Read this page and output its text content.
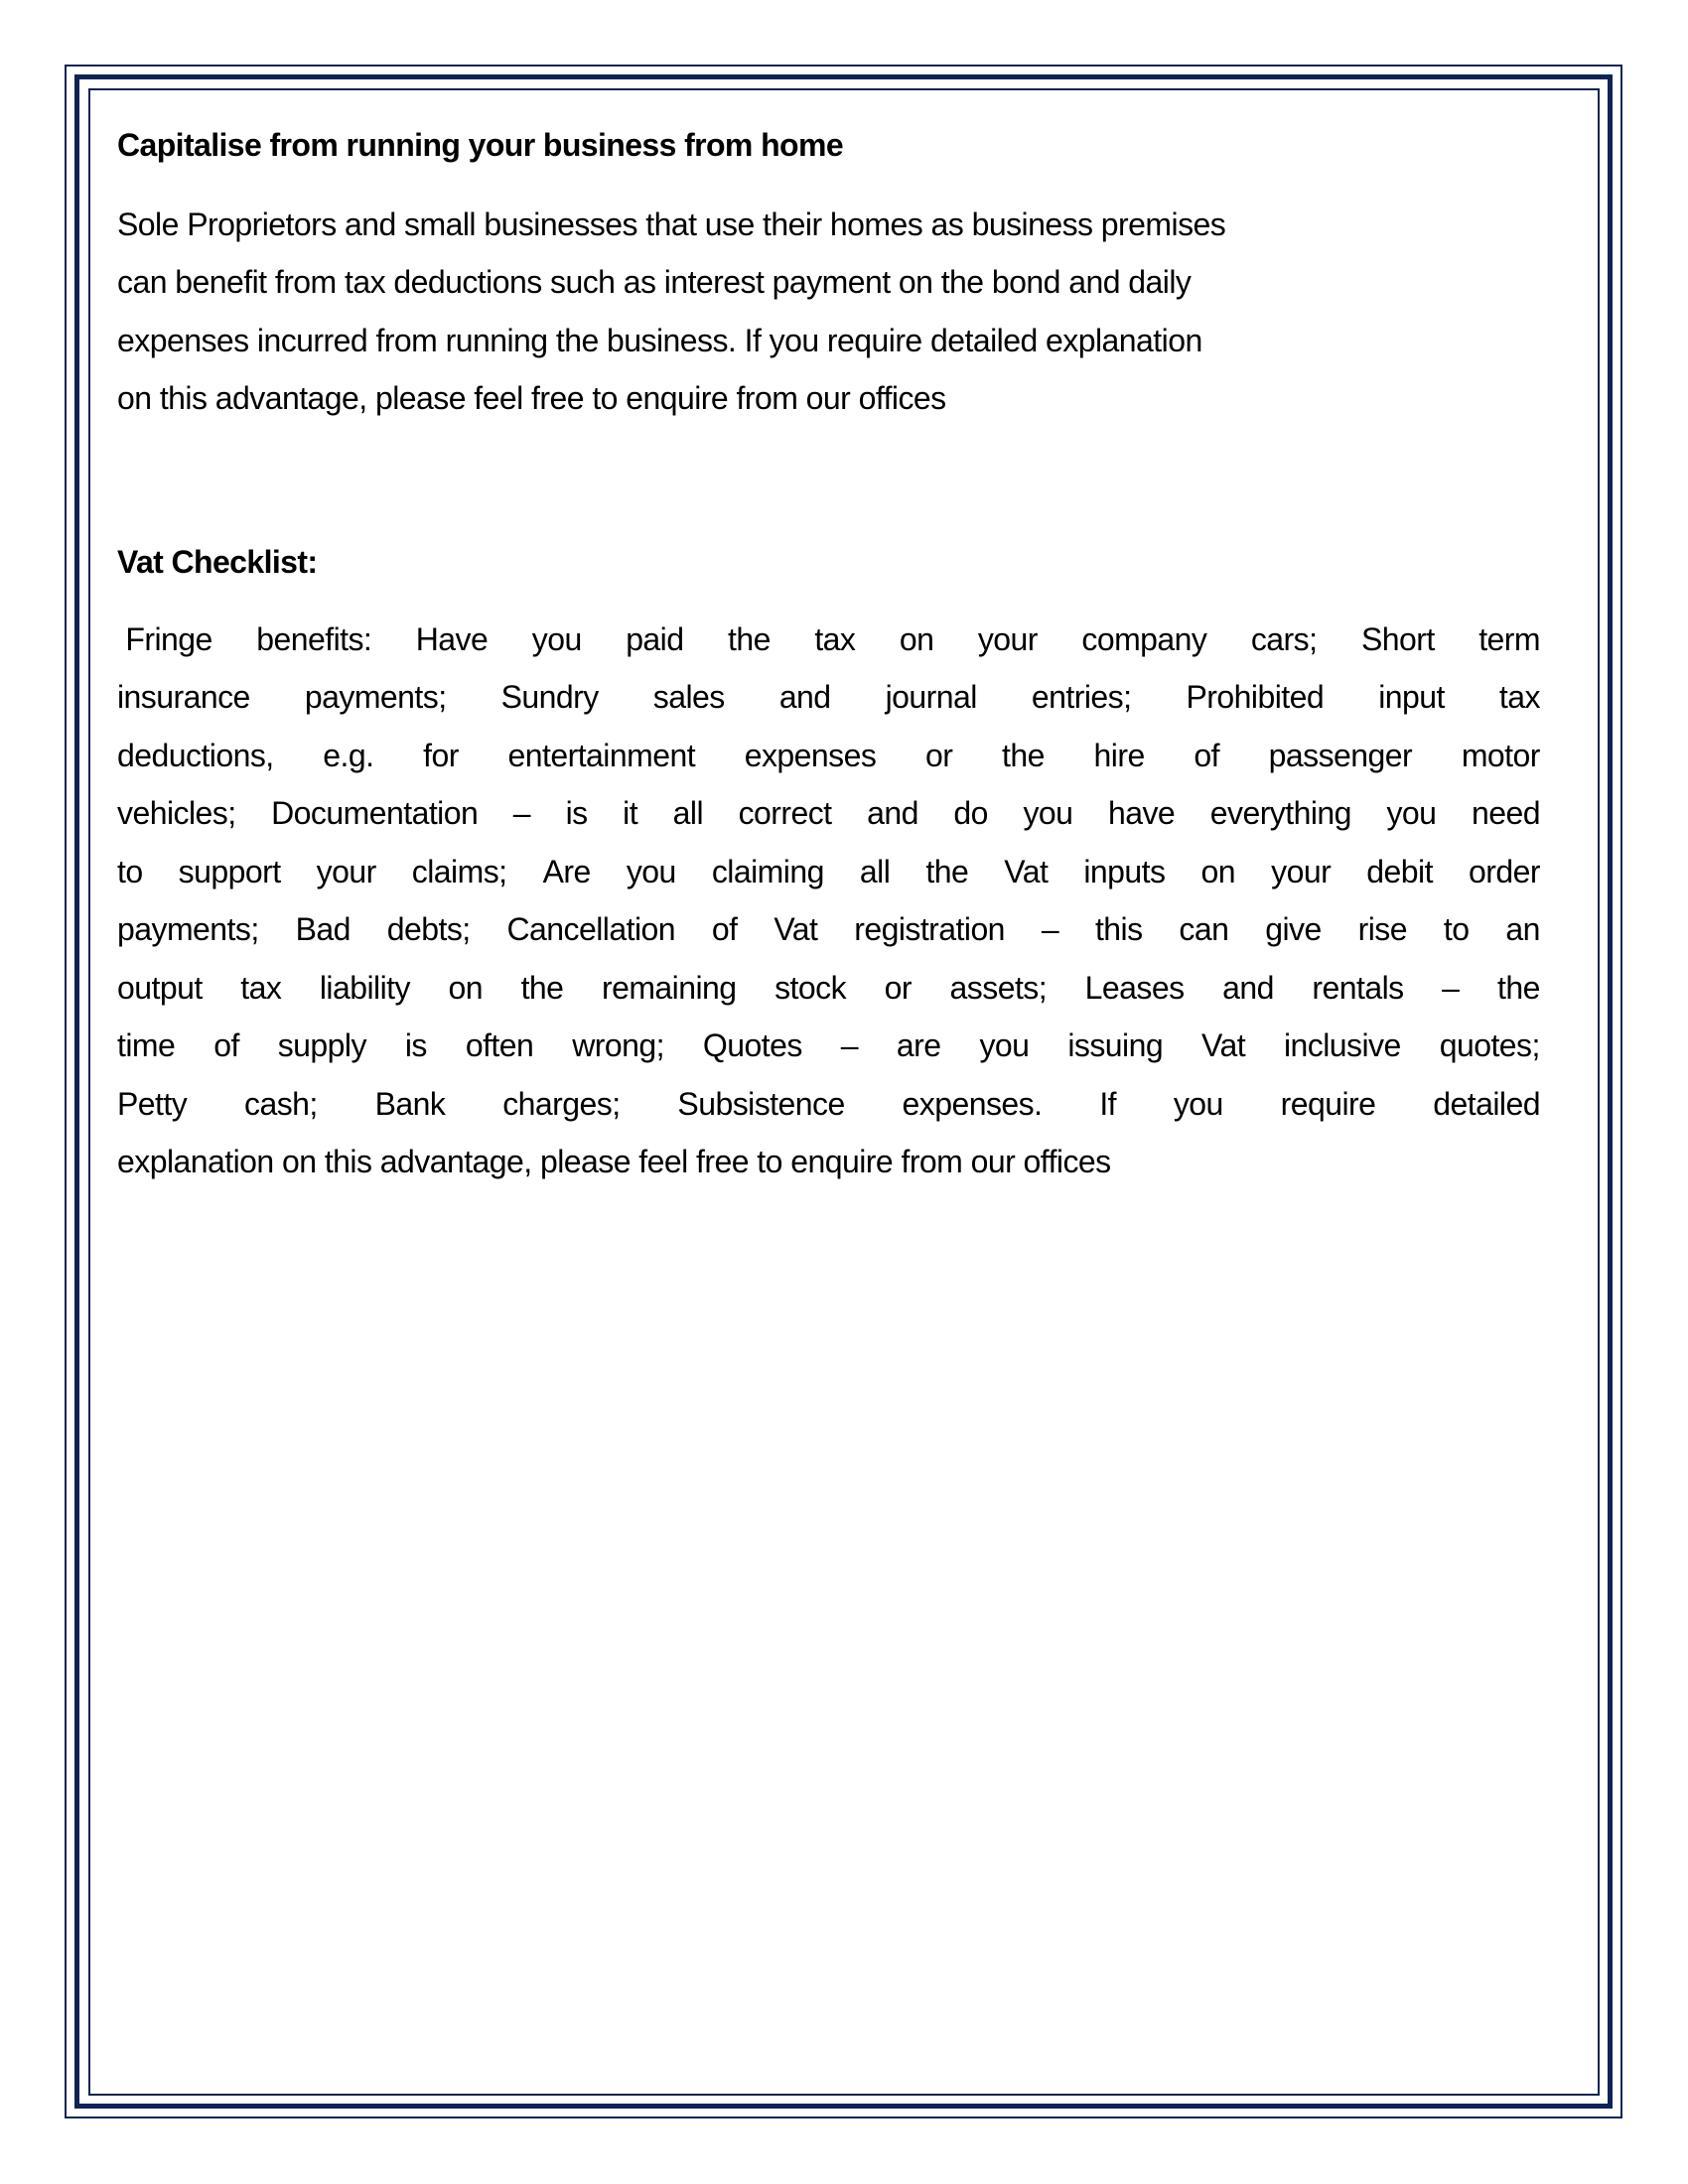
Capitalise from running your business from home
Sole Proprietors and small businesses that use their homes as business premises
can benefit from tax deductions such as interest payment on the bond and daily
expenses incurred from running the business. If you require detailed explanation
on this advantage, please feel free to enquire from our offices
Vat Checklist:
Fringe benefits: Have you paid the tax on your company cars; Short term
insurance payments; Sundry sales and journal entries; Prohibited input tax
deductions, e.g. for entertainment expenses or the hire of passenger motor
vehicles; Documentation – is it all correct and do you have everything you need
to support your claims; Are you claiming all the Vat inputs on your debit order
payments; Bad debts; Cancellation of Vat registration – this can give rise to an
output tax liability on the remaining stock or assets; Leases and rentals – the
time of supply is often wrong; Quotes – are you issuing Vat inclusive quotes;
Petty cash; Bank charges; Subsistence expenses. If you require detailed
explanation on this advantage, please feel free to enquire from our offices
